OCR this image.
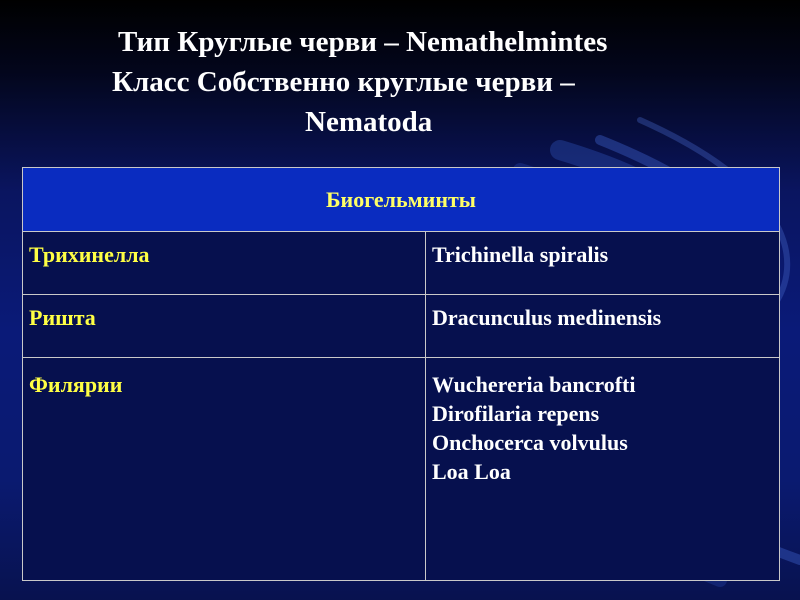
Тип Круглые черви – Nemathelmintes
Класс Собственно круглые черви –
Nematoda
Биогельминты	

Трихинелла	Trichinella spiralis

Ришта	Dracunculus medinensis

Филярии	Wuchereria bancrofti
Dirofilaria repens
Onchocerca volvulus
Loa Loa
